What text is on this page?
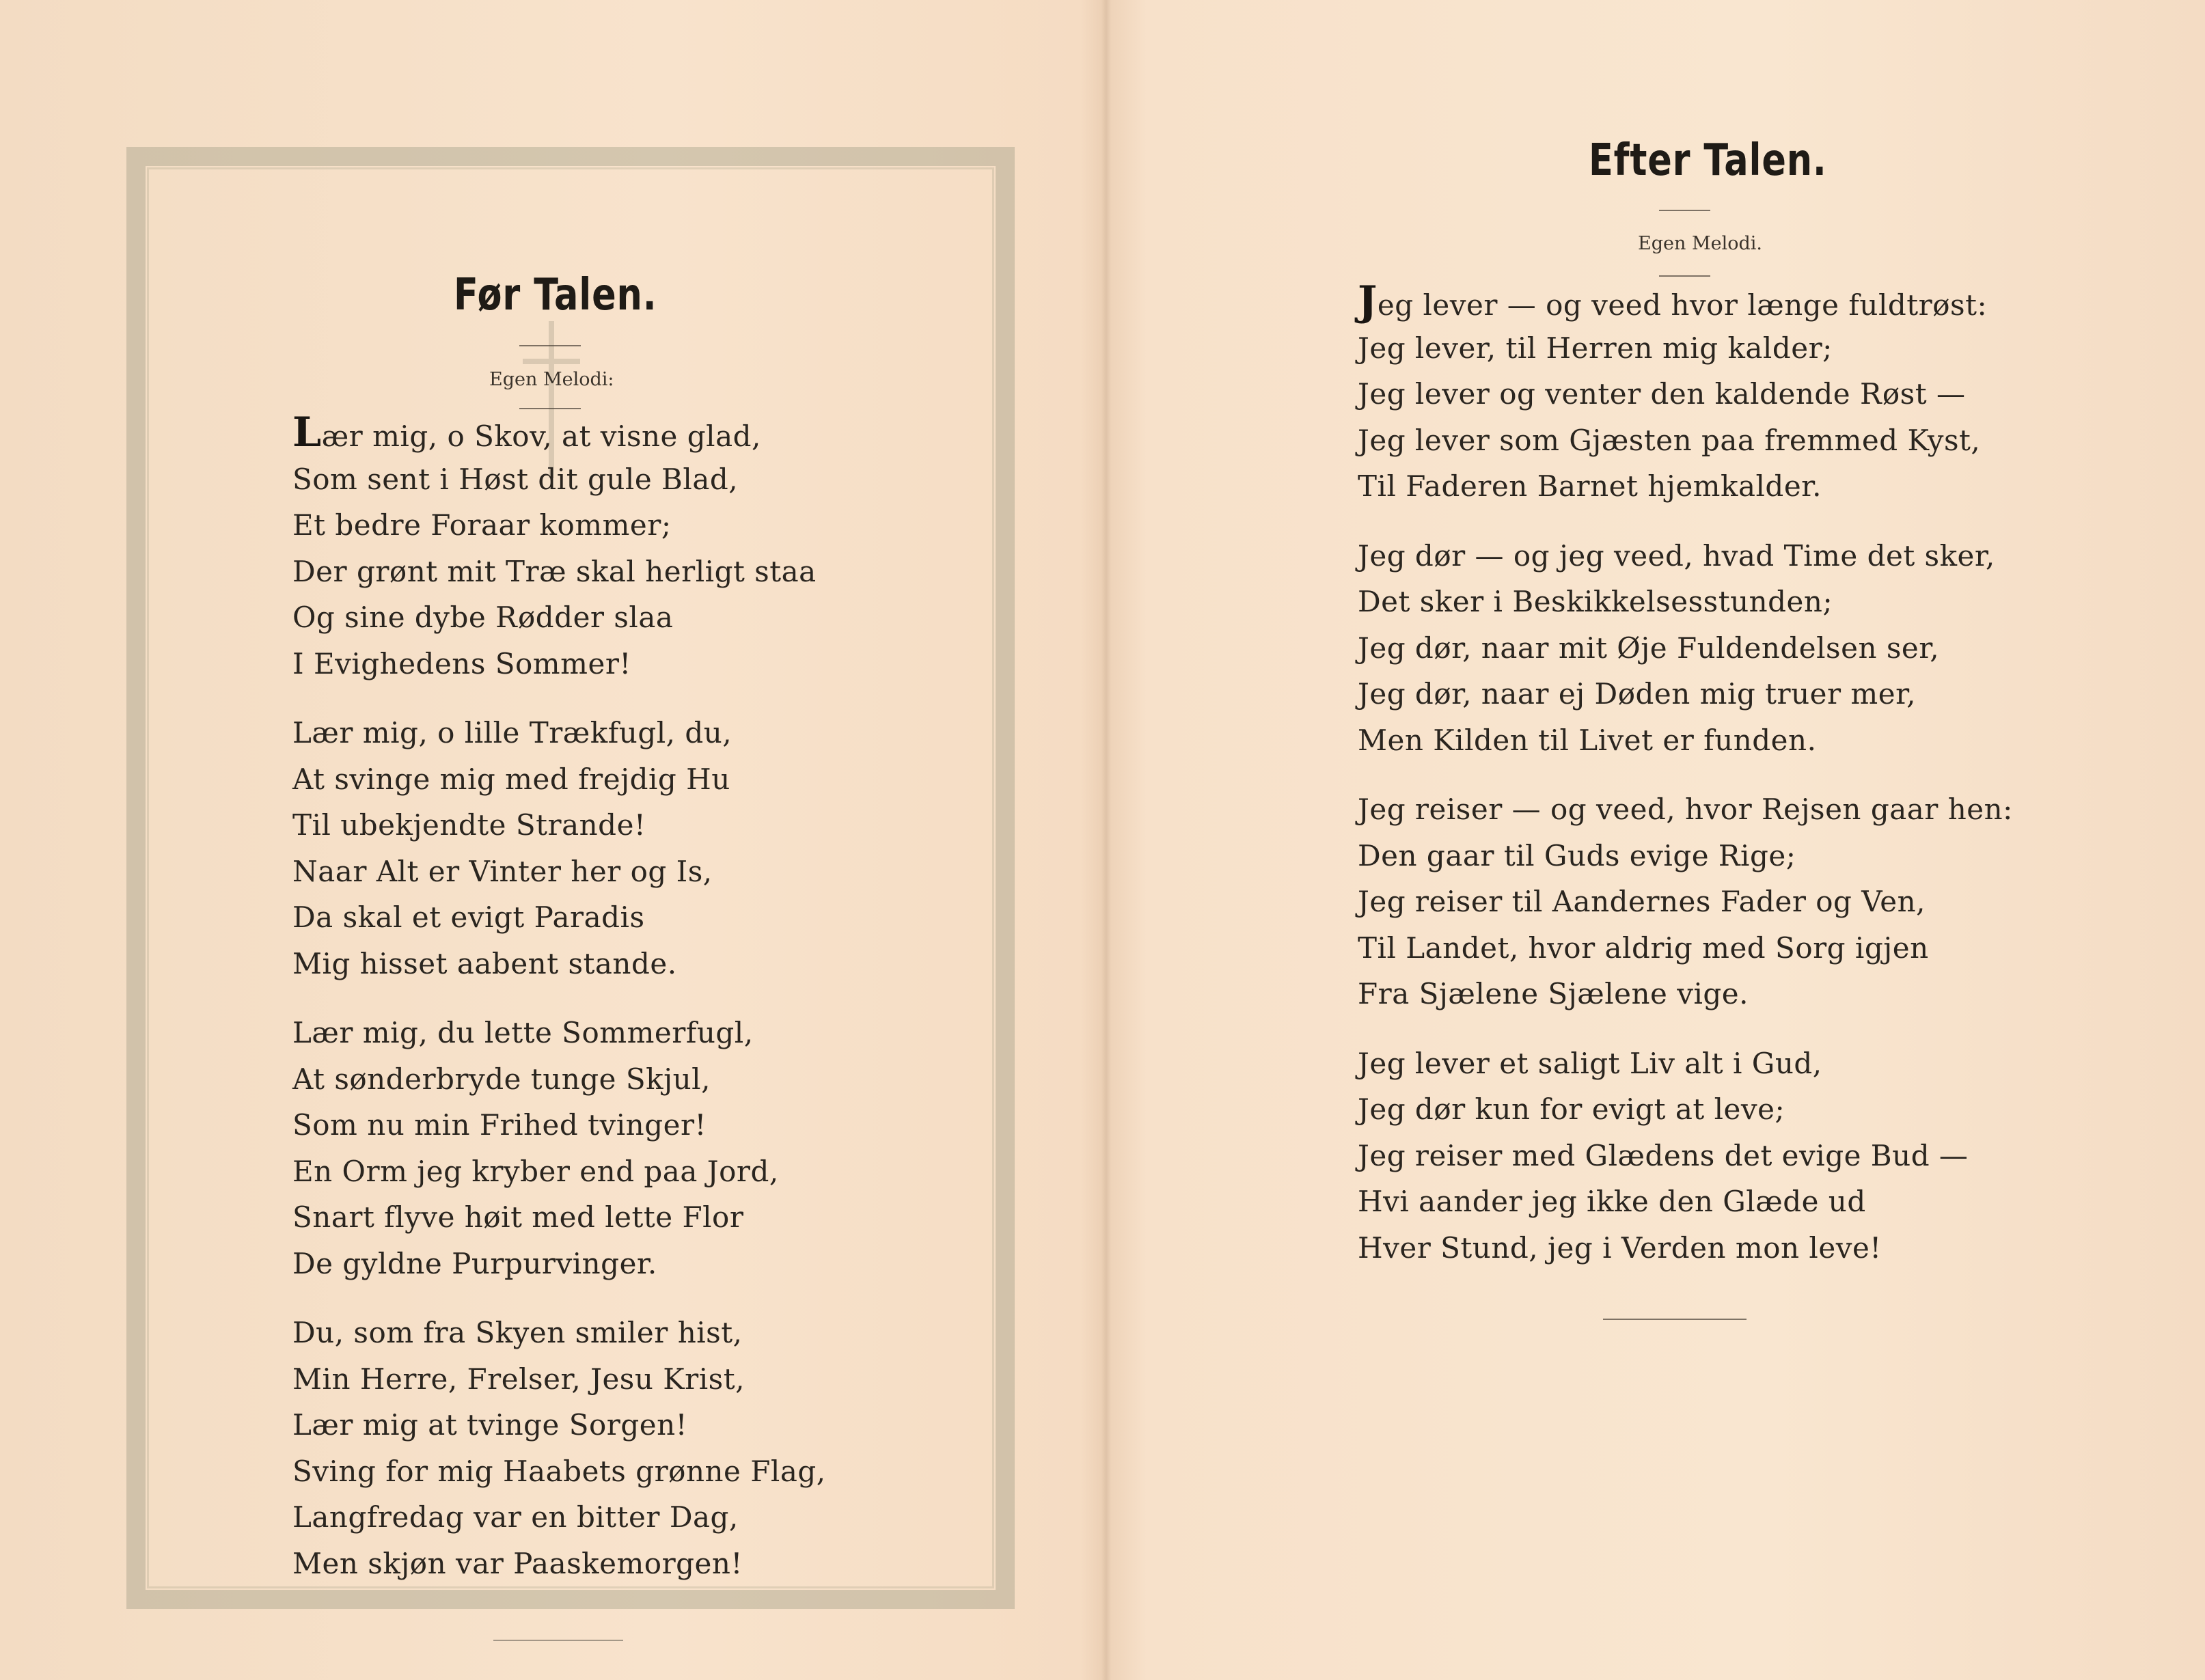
Før Talen.
Egen Melodi:
Lær mig, o Skov, at visne glad,
Som sent i Høst dit gule Blad,
Et bedre Foraar kommer;
Der grønt mit Træ skal herligt staa
Og sine dybe Rødder slaa
I Evighedens Sommer!
Lær mig, o lille Trækfugl, du,
At svinge mig med frejdig Hu
Til ubekjendte Strande!
Naar Alt er Vinter her og Is,
Da skal et evigt Paradis
Mig hisset aabent stande.
Lær mig, du lette Sommerfugl,
At sønderbryde tunge Skjul,
Som nu min Frihed tvinger!
En Orm jeg kryber end paa Jord,
Snart flyve høit med lette Flor
De gyldne Purpurvinger.
Du, som fra Skyen smiler hist,
Min Herre, Frelser, Jesu Krist,
Lær mig at tvinge Sorgen!
Sving for mig Haabets grønne Flag,
Langfredag var en bitter Dag,
Men skjøn var Paaskemorgen!
Efter Talen.
Egen Melodi.
Jeg lever — og veed hvor længe fuldtrøst:
Jeg lever, til Herren mig kalder;
Jeg lever og venter den kaldende Røst —
Jeg lever som Gjæsten paa fremmed Kyst,
Til Faderen Barnet hjemkalder.
Jeg dør — og jeg veed, hvad Time det sker,
Det sker i Beskikkelsesstunden;
Jeg dør, naar mit Øje Fuldendelsen ser,
Jeg dør, naar ej Døden mig truer mer,
Men Kilden til Livet er funden.
Jeg reiser — og veed, hvor Rejsen gaar hen:
Den gaar til Guds evige Rige;
Jeg reiser til Aandernes Fader og Ven,
Til Landet, hvor aldrig med Sorg igjen
Fra Sjælene Sjælene vige.
Jeg lever et saligt Liv alt i Gud,
Jeg dør kun for evigt at leve;
Jeg reiser med Glædens det evige Bud —
Hvi aander jeg ikke den Glæde ud
Hver Stund, jeg i Verden mon leve!
